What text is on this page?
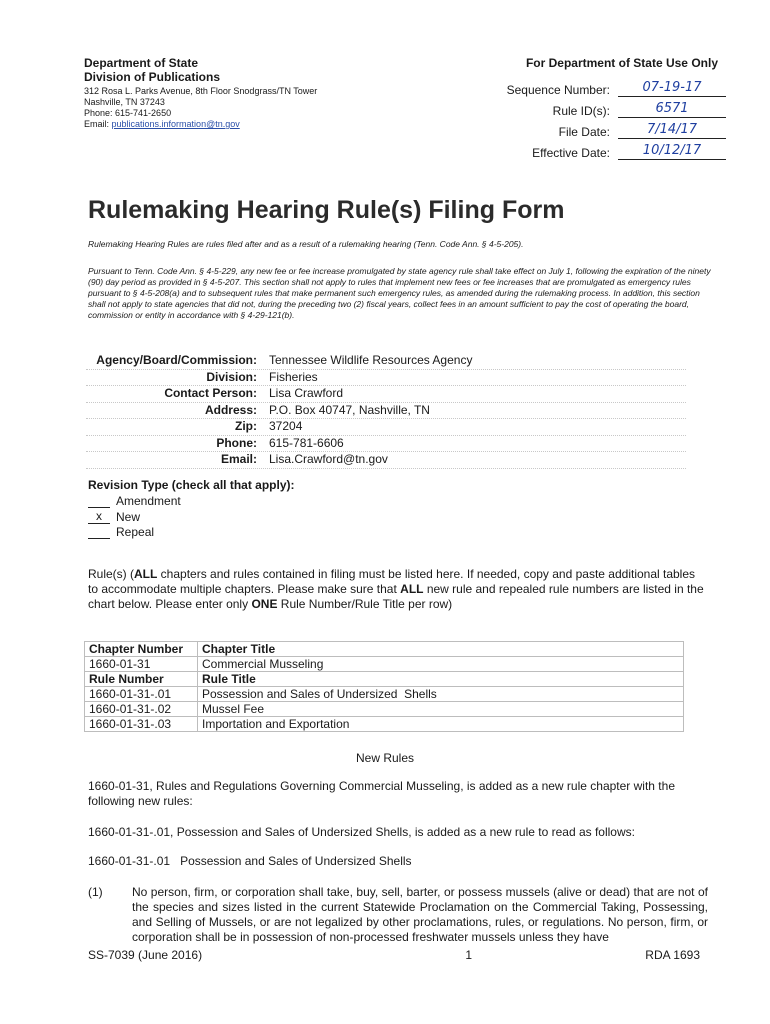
Department of State
Division of Publications
312 Rosa L. Parks Avenue, 8th Floor Snodgrass/TN Tower
Nashville, TN 37243
Phone: 615-741-2650
Email: publications.information@tn.gov
For Department of State Use Only
Sequence Number:	07-19-17
Rule ID(s):	6571
File Date:	7/14/17
Effective Date:	10/12/17
Rulemaking Hearing Rule(s) Filing Form
Rulemaking Hearing Rules are rules filed after and as a result of a rulemaking hearing (Tenn. Code Ann. § 4-5-205).
Pursuant to Tenn. Code Ann. § 4-5-229, any new fee or fee increase promulgated by state agency rule shall take effect on July 1, following the expiration of the ninety (90) day period as provided in § 4-5-207. This section shall not apply to rules that implement new fees or fee increases that are promulgated as emergency rules pursuant to § 4-5-208(a) and to subsequent rules that make permanent such emergency rules, as amended during the rulemaking process. In addition, this section shall not apply to state agencies that did not, during the preceding two (2) fiscal years, collect fees in an amount sufficient to pay the cost of operating the board, commission or entity in accordance with § 4-29-121(b).
Agency/Board/Commission:	Tennessee Wildlife Resources Agency
Division:	Fisheries
Contact Person:	Lisa Crawford
Address:	P.O. Box 40747, Nashville, TN
Zip:	37204
Phone:	615-781-6606
Email:	Lisa.Crawford@tn.gov
Revision Type (check all that apply):
Amendment
x	New
Repeal
Rule(s) (ALL chapters and rules contained in filing must be listed here. If needed, copy and paste additional tables to accommodate multiple chapters. Please make sure that ALL new rule and repealed rule numbers are listed in the chart below. Please enter only ONE Rule Number/Rule Title per row)
Chapter Number	Chapter Title
1660-01-31	Commercial Musseling
Rule Number	Rule Title
1660-01-31-.01	Possession and Sales of Undersized  Shells
1660-01-31-.02	Mussel Fee
1660-01-31-.03	Importation and Exportation
New Rules
1660-01-31, Rules and Regulations Governing Commercial Musseling, is added as a new rule chapter with the following new rules:
1660-01-31-.01, Possession and Sales of Undersized Shells, is added as a new rule to read as follows:
1660-01-31-.01   Possession and Sales of Undersized Shells
(1)	No person, firm, or corporation shall take, buy, sell, barter, or possess mussels (alive or dead) that are not of the species and sizes listed in the current Statewide Proclamation on the Commercial Taking, Possessing, and Selling of Mussels, or are not legalized by other proclamations, rules, or regulations. No person, firm, or corporation shall be in possession of non-processed freshwater mussels unless they have
SS-7039 (June 2016)	1	RDA 1693
